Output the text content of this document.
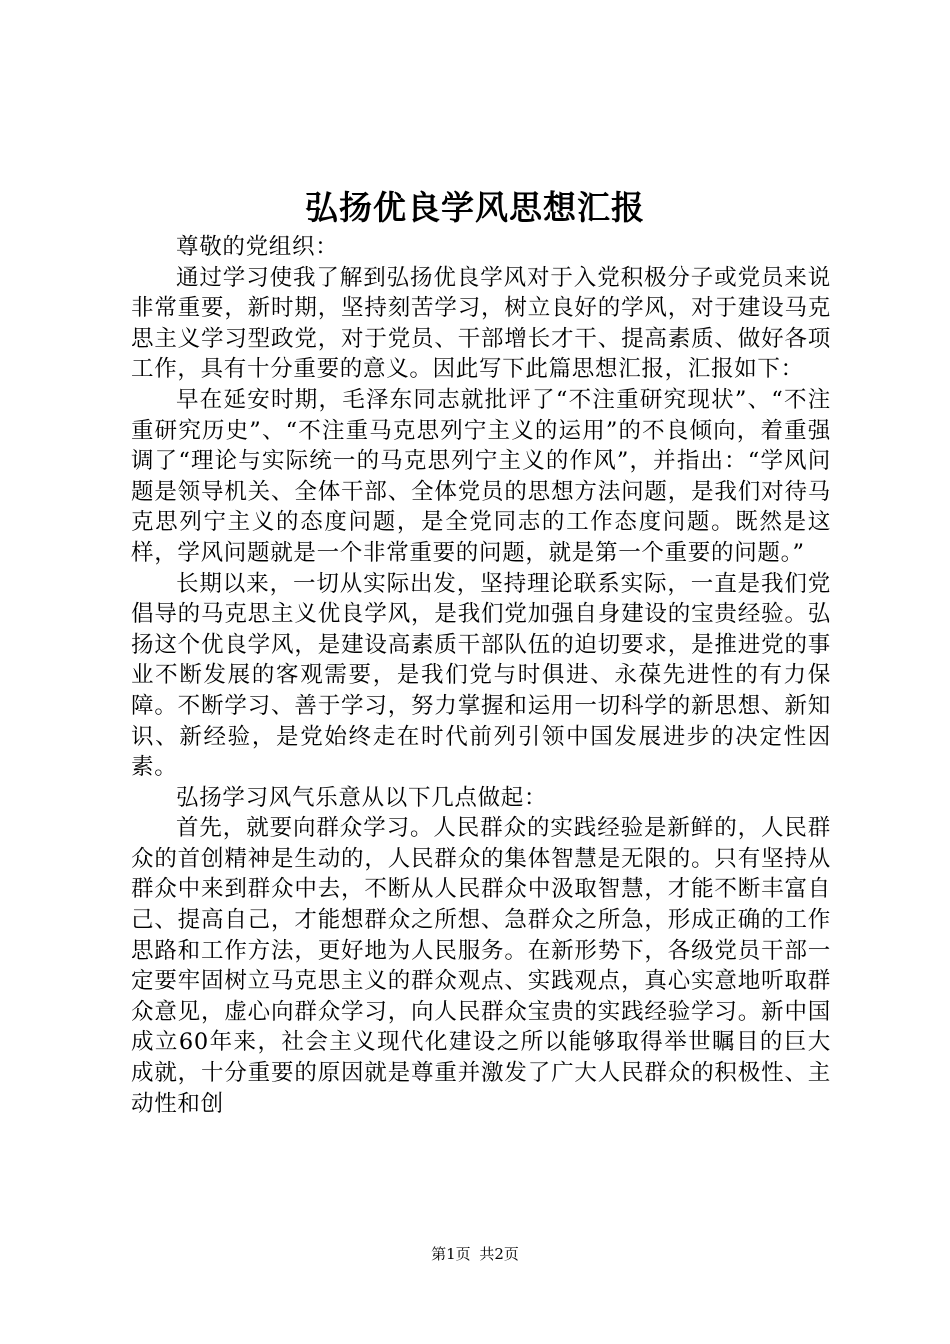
弘扬优良学风思想汇报

尊敬的党组织：

通过学习使我了解到弘扬优良学风对于入党积极分子或党员来说非常重要，新时期，坚持刻苦学习，树立良好的学风，对于建设马克思主义学习型政党，对于党员、干部增长才干、提高素质、做好各项工作，具有十分重要的意义。因此写下此篇思想汇报，汇报如下：

早在延安时期，毛泽东同志就批评了“不注重研究现状”、“不注重研究历史”、“不注重马克思列宁主义的运用”的不良倾向，着重强调了“理论与实际统一的马克思列宁主义的作风”，并指出：“学风问题是领导机关、全体干部、全体党员的思想方法问题，是我们对待马克思列宁主义的态度问题，是全党同志的工作态度问题。既然是这样，学风问题就是一个非常重要的问题，就是第一个重要的问题。”

长期以来，一切从实际出发，坚持理论联系实际，一直是我们党倡导的马克思主义优良学风，是我们党加强自身建设的宝贵经验。弘扬这个优良学风，是建设高素质干部队伍的迫切要求，是推进党的事业不断发展的客观需要，是我们党与时俱进、永葆先进性的有力保障。不断学习、善于学习，努力掌握和运用一切科学的新思想、新知识、新经验，是党始终走在时代前列引领中国发展进步的决定性因素。

弘扬学习风气乐意从以下几点做起：

首先，就要向群众学习。人民群众的实践经验是新鲜的，人民群众的首创精神是生动的，人民群众的集体智慧是无限的。只有坚持从群众中来到群众中去，不断从人民群众中汲取智慧，才能不断丰富自己、提高自己，才能想群众之所想、急群众之所急，形成正确的工作思路和工作方法，更好地为人民服务。在新形势下，各级党员干部一定要牢固树立马克思主义的群众观点、实践观点，真心实意地听取群众意见，虚心向群众学习，向人民群众宝贵的实践经验学习。新中国成立60年来，社会主义现代化建设之所以能够取得举世瞩目的巨大成就，十分重要的原因就是尊重并激发了广大人民群众的积极性、主动性和创

第1页 共2页
